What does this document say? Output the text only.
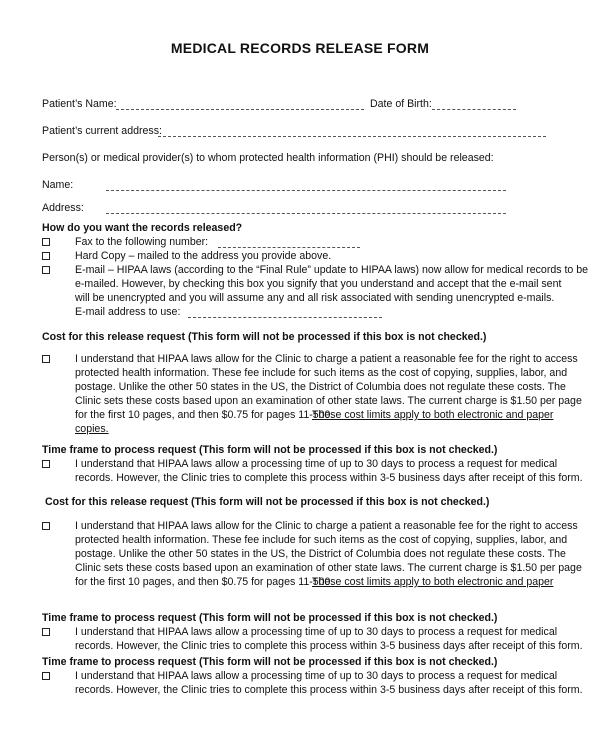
MEDICAL RECORDS RELEASE FORM
Patient’s Name:	Date of Birth:
Patient’s current address:
Person(s) or medical provider(s) to whom protected health information (PHI) should be released:
Name:
Address:
How do you want the records released?
Fax to the following number:
Hard Copy – mailed to the address you provide above.
E-mail – HIPAA laws (according to the “Final Rule” update to HIPAA laws) now allow for medical records to be
e-mailed. However, by checking this box you signify that you understand and accept that the e-mail sent
will be unencrypted and you will assume any and all risk associated with sending unencrypted e-mails.
E-mail address to use:
Cost for this release request (This form will not be processed if this box is not checked.)
I understand that HIPAA laws allow for the Clinic to charge a patient a reasonable fee for the right to access
protected health information. These fee include for such items as the cost of copying, supplies, labor, and
postage. Unlike the other 50 states in the US, the District of Columbia does not regulate these costs. The
Clinic sets these costs based upon an examination of other state laws. The current charge is $1.50 per page
for the first 10 pages, and then $0.75 for pages 11-500.
These cost limits apply to both electronic and paper
copies.
Time frame to process request (This form will not be processed if this box is not checked.)
I understand that HIPAA laws allow a processing time of up to 30 days to process a request for medical
records. However, the Clinic tries to complete this process within 3-5 business days after receipt of this form.
Cost for this release request (This form will not be processed if this box is not checked.)
I understand that HIPAA laws allow for the Clinic to charge a patient a reasonable fee for the right to access
protected health information. These fee include for such items as the cost of copying, supplies, labor, and
postage. Unlike the other 50 states in the US, the District of Columbia does not regulate these costs. The
Clinic sets these costs based upon an examination of other state laws. The current charge is $1.50 per page
for the first 10 pages, and then $0.75 for pages 11-500.
These cost limits apply to both electronic and paper
Time frame to process request (This form will not be processed if this box is not checked.)
I understand that HIPAA laws allow a processing time of up to 30 days to process a request for medical
records. However, the Clinic tries to complete this process within 3-5 business days after receipt of this form.
Time frame to process request (This form will not be processed if this box is not checked.)
I understand that HIPAA laws allow a processing time of up to 30 days to process a request for medical
records. However, the Clinic tries to complete this process within 3-5 business days after receipt of this form.
